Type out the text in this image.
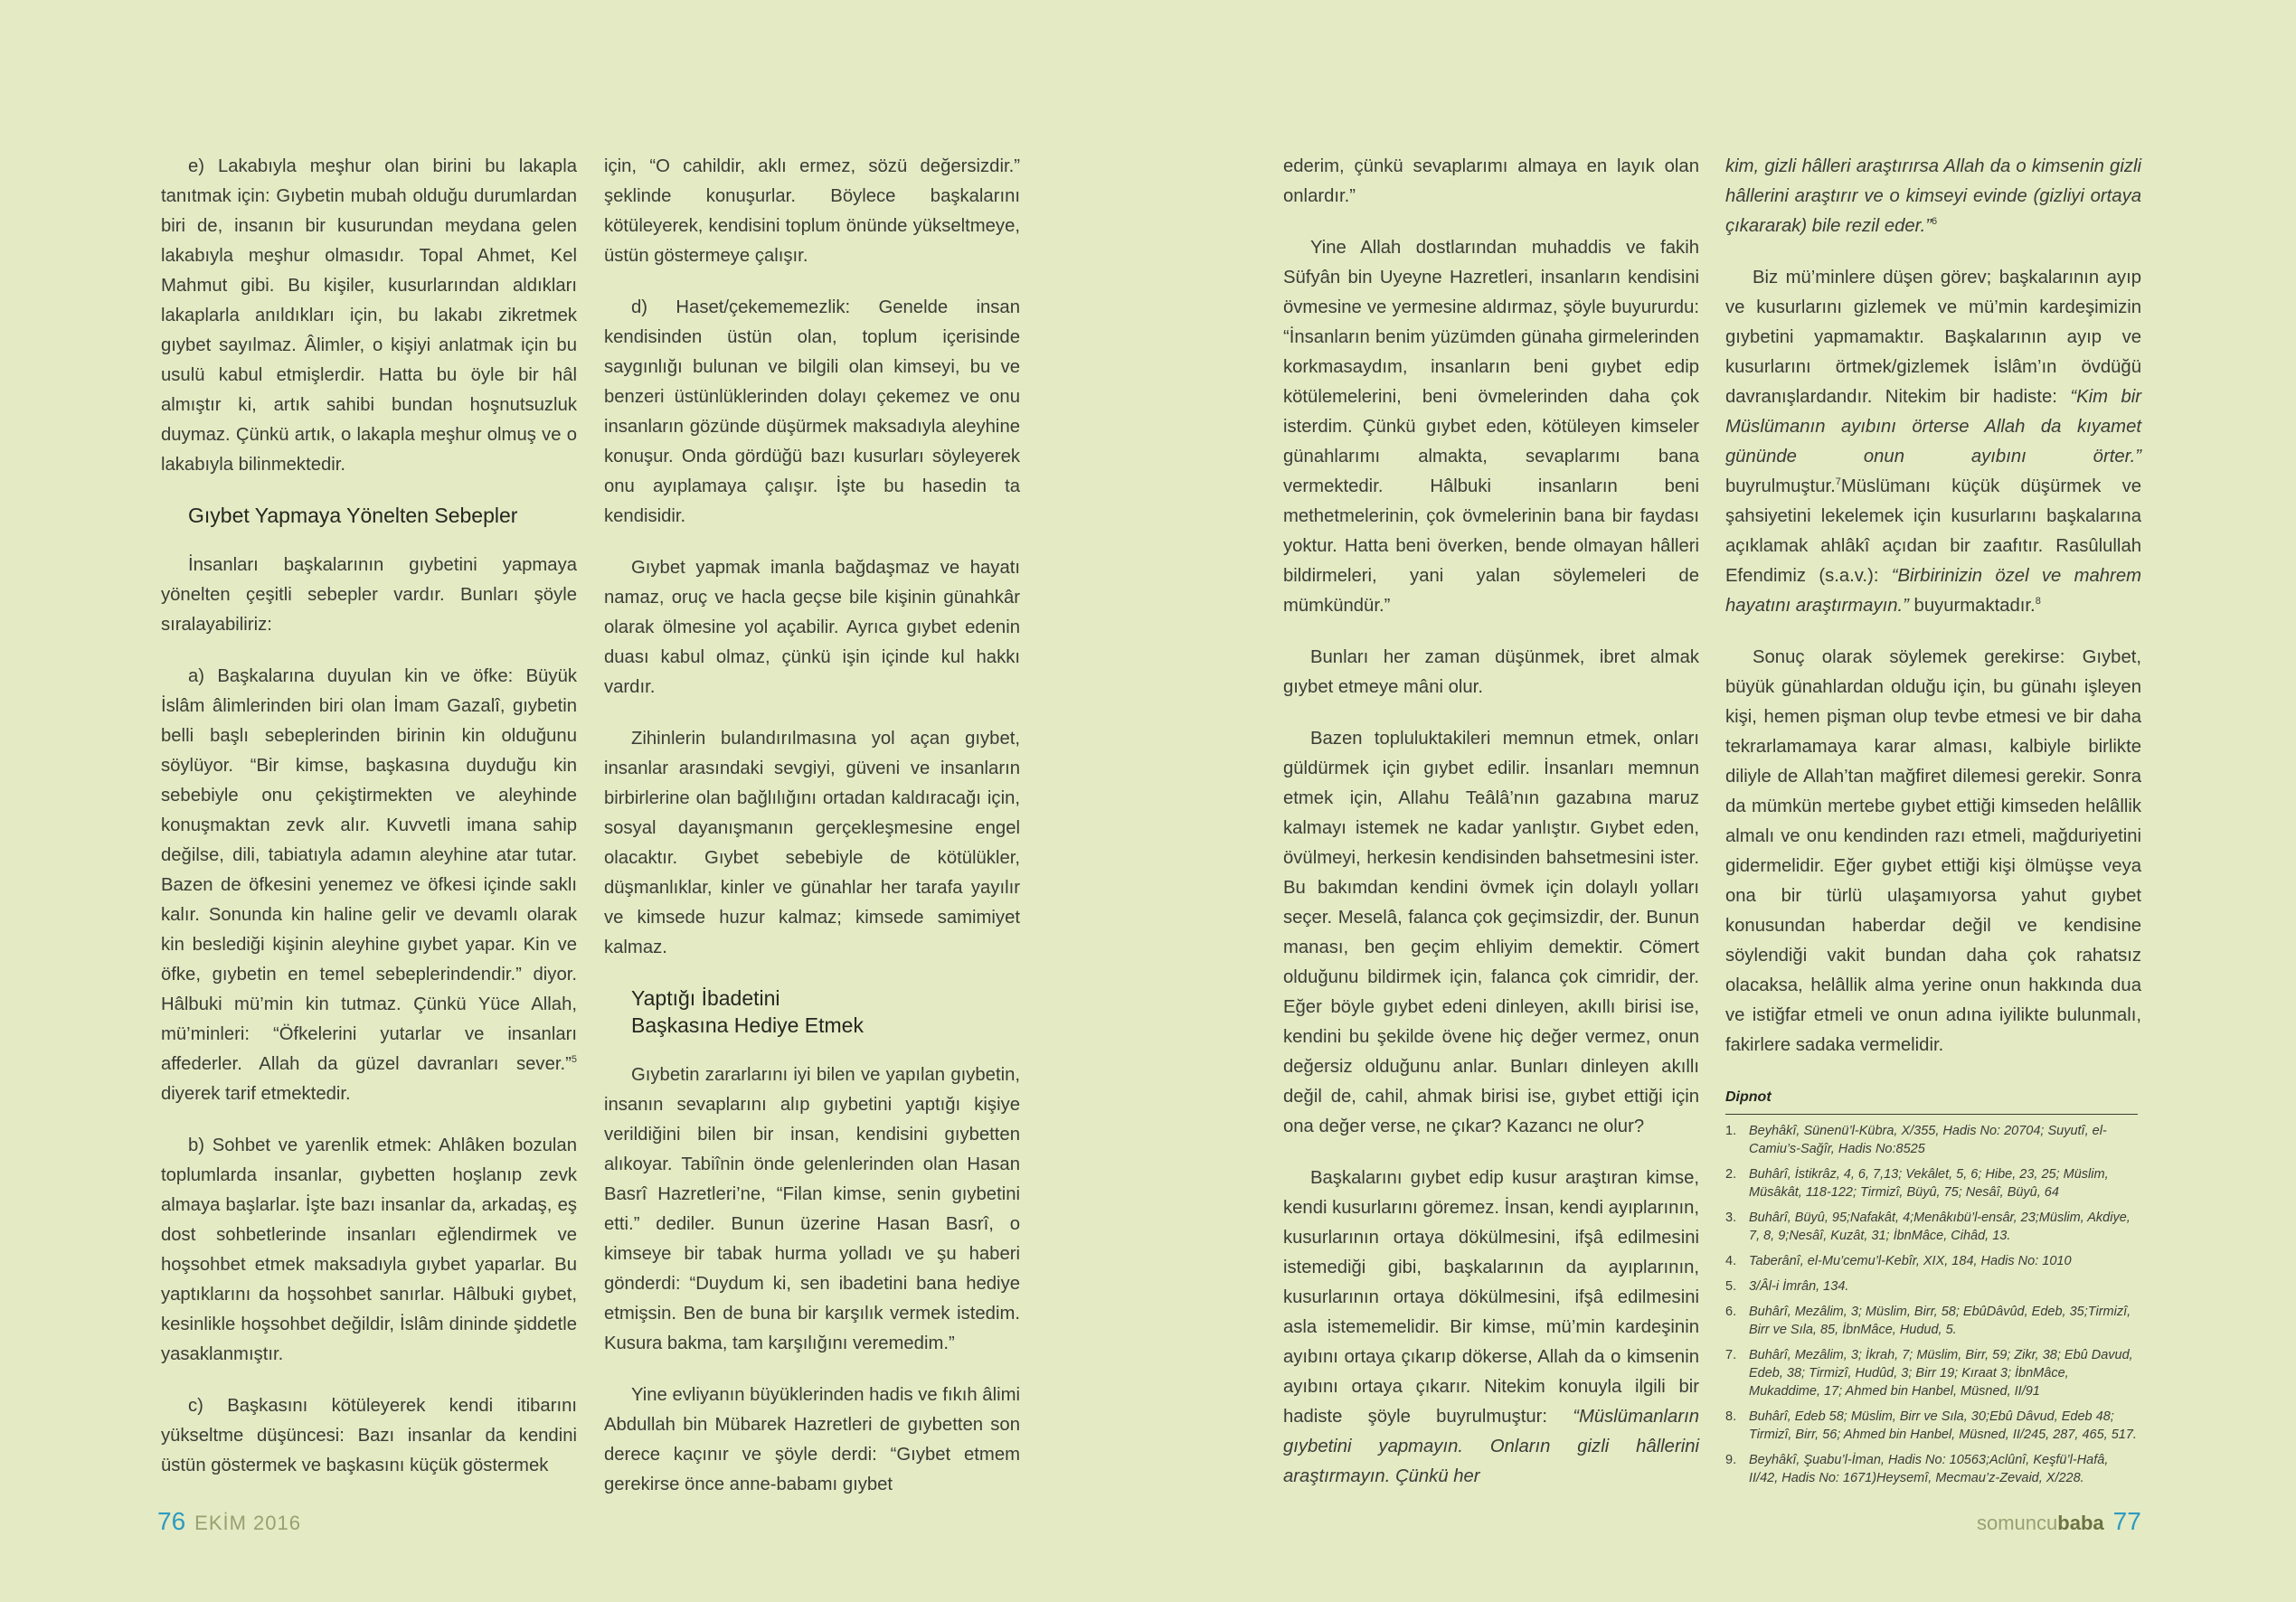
e) Lakabıyla meşhur olan birini bu lakapla tanıtmak için: Gıybetin mubah olduğu durumlardan biri de, insanın bir kusurundan meydana gelen lakabıyla meşhur olmasıdır. Topal Ahmet, Kel Mahmut gibi. Bu kişiler, kusurlarından aldıkları lakaplarla anıldıkları için, bu lakabı zikretmek gıybet sayılmaz. Âlimler, o kişiyi anlatmak için bu usulü kabul etmişlerdir. Hatta bu öyle bir hâl almıştır ki, artık sahibi bundan hoşnutsuzluk duymaz. Çünkü artık, o lakapla meşhur olmuş ve o lakabıyla bilinmektedir.

Gıybet Yapmaya Yönelten Sebepler

İnsanları başkalarının gıybetini yapmaya yönelten çeşitli sebepler vardır. Bunları şöyle sıralayabiliriz:

a) Başkalarına duyulan kin ve öfke: Büyük İslâm âlimlerinden biri olan İmam Gazalî, gıybetin belli başlı sebeplerinden birinin kin olduğunu söylüyor. “Bir kimse, başkasına duyduğu kin sebebiyle onu çekiştirmekten ve aleyhinde konuşmaktan zevk alır. Kuvvetli imana sahip değilse, dili, tabiatıyla adamın aleyhine atar tutar. Bazen de öfkesini yenemez ve öfkesi içinde saklı kalır. Sonunda kin haline gelir ve devamlı olarak kin beslediği kişinin aleyhine gıybet yapar. Kin ve öfke, gıybetin en temel sebeplerindendir.” diyor. Hâlbuki mü’min kin tutmaz. Çünkü Yüce Allah, mü’minleri: “Öfkelerini yutarlar ve insanları affederler. Allah da güzel davranları sever.”$^5$ diyerek tarif etmektedir.

b) Sohbet ve yarenlik etmek: Ahlâken bozulan toplumlarda insanlar, gıybetten hoşlanıp zevk almaya başlarlar. İşte bazı insanlar da, arkadaş, eş dost sohbetlerinde insanları eğlendirmek ve hoşsohbet etmek maksadıyla gıybet yaparlar. Bu yaptıklarını da hoşsohbet sanırlar. Hâlbuki gıybet, kesinlikle hoşsohbet değildir, İslâm dininde şiddetle yasaklanmıştır.

c) Başkasını kötüleyerek kendi itibarını yükseltme düşüncesi: Bazı insanlar da kendini üstün göstermek ve başkasını küçük göstermek

için, “O cahildir, aklı ermez, sözü değersizdir.” şeklinde konuşurlar. Böylece başkalarını kötüleyerek, kendisini toplum önünde yükseltmeye, üstün göstermeye çalışır.

d) Haset/çekememezlik: Genelde insan kendisinden üstün olan, toplum içerisinde saygınlığı bulunan ve bilgili olan kimseyi, bu ve benzeri üstünlüklerinden dolayı çekemez ve onu insanların gözünde düşürmek maksadıyla aleyhine konuşur. Onda gördüğü bazı kusurları söyleyerek onu ayıplamaya çalışır. İşte bu hasedin ta kendisidir.

Gıybet yapmak imanla bağdaşmaz ve hayatı namaz, oruç ve hacla geçse bile kişinin günahkâr olarak ölmesine yol açabilir. Ayrıca gıybet edenin duası kabul olmaz, çünkü işin içinde kul hakkı vardır.

Zihinlerin bulandırılmasına yol açan gıybet, insanlar arasındaki sevgiyi, güveni ve insanların birbirlerine olan bağlılığını ortadan kaldıracağı için, sosyal dayanışmanın gerçekleşmesine engel olacaktır. Gıybet sebebiyle de kötülükler, düşmanlıklar, kinler ve günahlar her tarafa yayılır ve kimsede huzur kalmaz; kimsede samimiyet kalmaz.

Yaptığı İbadetini
Başkasına Hediye Etmek

Gıybetin zararlarını iyi bilen ve yapılan gıybetin, insanın sevaplarını alıp gıybetini yaptığı kişiye verildiğini bilen bir insan, kendisini gıybetten alıkoyar. Tabiînin önde gelenlerinden olan Hasan Basrî Hazretleri’ne, “Filan kimse, senin gıybetini etti.” dediler. Bunun üzerine Hasan Basrî, o kimseye bir tabak hurma yolladı ve şu haberi gönderdi: “Duydum ki, sen ibadetini bana hediye etmişsin. Ben de buna bir karşılık vermek istedim. Kusura bakma, tam karşılığını veremedim.”

Yine evliyanın büyüklerinden hadis ve fıkıh âlimi Abdullah bin Mübarek Hazretleri de gıybetten son derece kaçınır ve şöyle derdi: “Gıybet etmem gerekirse önce anne-babamı gıybet

ederim, çünkü sevaplarımı almaya en layık olan onlardır.”

Yine Allah dostlarından muhaddis ve fakih Süfyân bin Uyeyne Hazretleri, insanların kendisini övmesine ve yermesine aldırmaz, şöyle buyururdu: “İnsanların benim yüzümden günaha girmelerinden korkmasaydım, insanların beni gıybet edip kötülemelerini, beni övmelerinden daha çok isterdim. Çünkü gıybet eden, kötüleyen kimseler günahlarımı almakta, sevaplarımı bana vermektedir. Hâlbuki insanların beni methetmelerinin, çok övmelerinin bana bir faydası yoktur. Hatta beni överken, bende olmayan hâlleri bildirmeleri, yani yalan söylemeleri de mümkündür.”

Bunları her zaman düşünmek, ibret almak gıybet etmeye mâni olur.

Bazen topluluktakileri memnun etmek, onları güldürmek için gıybet edilir. İnsanları memnun etmek için, Allahu Teâlâ’nın gazabına maruz kalmayı istemek ne kadar yanlıştır. Gıybet eden, övülmeyi, herkesin kendisinden bahsetmesini ister. Bu bakımdan kendini övmek için dolaylı yolları seçer. Meselâ, falanca çok geçimsizdir, der. Bunun manası, ben geçim ehliyim demektir. Cömert olduğunu bildirmek için, falanca çok cimridir, der. Eğer böyle gıybet edeni dinleyen, akıllı birisi ise, kendini bu şekilde övene hiç değer vermez, onun değersiz olduğunu anlar. Bunları dinleyen akıllı değil de, cahil, ahmak birisi ise, gıybet ettiği için ona değer verse, ne çıkar? Kazancı ne olur?

Başkalarını gıybet edip kusur araştıran kimse, kendi kusurlarını göremez. İnsan, kendi ayıplarının, kusurlarının ortaya dökülmesini, ifşâ edilmesini istemediği gibi, başkalarının da ayıplarının, kusurlarının ortaya dökülmesini, ifşâ edilmesini asla istememelidir. Bir kimse, mü’min kardeşinin ayıbını ortaya çıkarıp dökerse, Allah da o kimsenin ayıbını ortaya çıkarır. Nitekim konuyla ilgili bir hadiste şöyle buyrulmuştur: “Müslümanların gıybetini yapmayın. Onların gizli hâllerini araştırmayın. Çünkü her

kim, gizli hâlleri araştırırsa Allah da o kimsenin gizli hâllerini araştırır ve o kimseyi evinde (gizliyi ortaya çıkararak) bile rezil eder.”$^6$

Biz mü’minlere düşen görev; başkalarının ayıp ve kusurlarını gizlemek ve mü’min kardeşimizin gıybetini yapmamaktır. Başkalarının ayıp ve kusurlarını örtmek/gizlemek İslâm’ın övdüğü davranışlardandır. Nitekim bir hadiste: “Kim bir Müslümanın ayıbını örterse Allah da kıyamet gününde onun ayıbını örter.” buyrulmuştur.$^7$Müslümanı küçük düşürmek ve şahsiyetini lekelemek için kusurlarını başkalarına açıklamak ahlâkî açıdan bir zaafıtır. Rasûlullah Efendimiz (s.a.v.): “Birbirinizin özel ve mahrem hayatını araştırmayın.” buyurmaktadır.$^8$

Sonuç olarak söylemek gerekirse: Gıybet, büyük günahlardan olduğu için, bu günahı işleyen kişi, hemen pişman olup tevbe etmesi ve bir daha tekrarlamamaya karar alması, kalbiyle birlikte diliyle de Allah’tan mağfiret dilemesi gerekir. Sonra da mümkün mertebe gıybet ettiği kimseden helâllik almalı ve onu kendinden razı etmeli, mağduriyetini gidermelidir. Eğer gıybet ettiği kişi ölmüşse veya ona bir türlü ulaşamıyorsa yahut gıybet konusundan haberdar değil ve kendisine söylendiği vakit bundan daha çok rahatsız olacaksa, helâllik alma yerine onun hakkında dua ve istiğfar etmeli ve onun adına iyilikte bulunmalı, fakirlere sadaka vermelidir.

Dipnot
1. Beyhâkî, Sünenü’l-Kübra, X/355, Hadis No: 20704; Suyutî, el-Camiu’s-Sağîr, Hadis No:8525
2. Buhârî, İstikrâz, 4, 6, 7,13; Vekâlet, 5, 6; Hibe, 23, 25; Müslim, Müsâkât, 118-122; Tirmizî, Büyû, 75; Nesâî, Büyû, 64
3. Buhârî, Büyû, 95;Nafakât, 4;Menâkıbü’l-ensâr, 23;Müslim, Akdiye, 7, 8, 9;Nesâî, Kuzât, 31; İbnMâce, Cihâd, 13.
4. Taberânî, el-Mu’cemu’l-Kebîr, XIX, 184, Hadis No: 1010
5. 3/Âl-i İmrân, 134.
6. Buhârî, Mezâlim, 3; Müslim, Birr, 58; EbûDâvûd, Edeb, 35;Tirmizî, Birr ve Sıla, 85, İbnMâce, Hudud, 5.
7. Buhârî, Mezâlim, 3; İkrah, 7; Müslim, Birr, 59; Zikr, 38; Ebû Davud, Edeb, 38; Tirmizî, Hudûd, 3; Birr 19; Kıraat 3; İbnMâce, Mukaddime, 17; Ahmed bin Hanbel, Müsned, II/91
8. Buhârî, Edeb 58; Müslim, Birr ve Sıla, 30;Ebû Dâvud, Edeb 48; Tirmizî, Birr, 56; Ahmed bin Hanbel, Müsned, II/245, 287, 465, 517.
9. Beyhâkî, Şuabu’l-İman, Hadis No: 10563;Aclûnî, Keşfü’l-Hafâ, II/42, Hadis No: 1671)Heysemî, Mecmau’z-Zevaid, X/228.
76 EKİM 2016	somuncubaba 77
